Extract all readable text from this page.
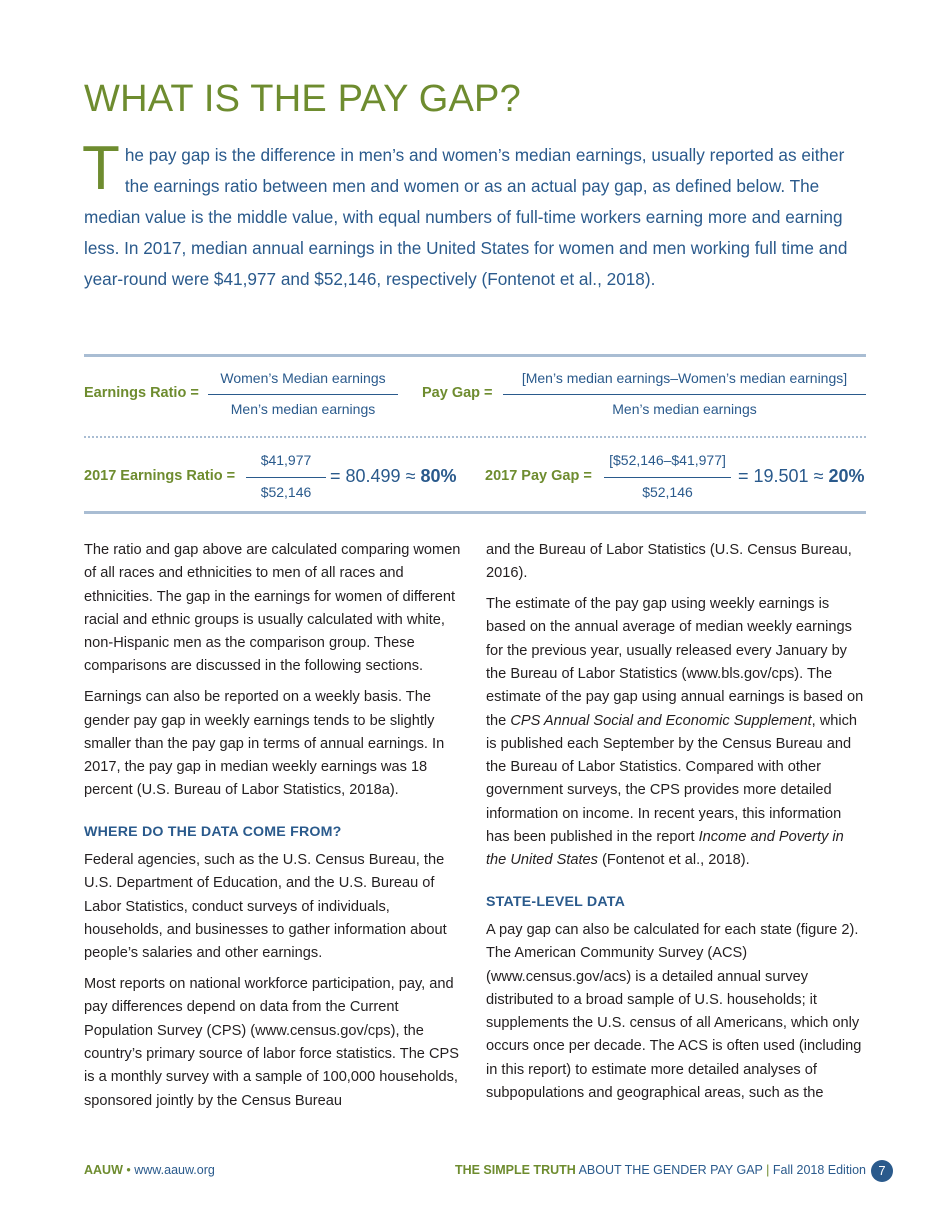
WHAT IS THE PAY GAP?
The pay gap is the difference in men’s and women’s median earnings, usually reported as either the earnings ratio between men and women or as an actual pay gap, as defined below. The median value is the middle value, with equal numbers of full-time workers earning more and earning less. In 2017, median annual earnings in the United States for women and men working full time and year-round were $41,977 and $52,146, respectively (Fontenot et al., 2018).
Earnings Ratio =
Women’s Median earnings
Men’s median earnings
Pay Gap =
[Men’s median earnings–Women’s median earnings]
Men’s median earnings
2017 Earnings Ratio =
$41,977
$52,146
= 80.499 ≈ 80% 2017 Pay Gap =
[$52,146–$41,977]
$52,146
= 19.501 ≈ 20%

The ratio and gap above are calculated comparing women of all races and ethnicities to men of all races and ethnicities. The gap in the earnings for women of different racial and ethnic groups is usually calculated with white, non-Hispanic men as the comparison group. These comparisons are discussed in the following sections.

Earnings can also be reported on a weekly basis. The gender pay gap in weekly earnings tends to be slightly smaller than the pay gap in terms of annual earnings. In 2017, the pay gap in median weekly earnings was 18 percent (U.S. Bureau of Labor Statistics, 2018a).

WHERE DO THE DATA COME FROM?

Federal agencies, such as the U.S. Census Bureau, the U.S. Department of Education, and the U.S. Bureau of Labor Statistics, conduct surveys of individuals, households, and businesses to gather information about people’s salaries and other earnings.

Most reports on national workforce participation, pay, and pay differences depend on data from the Current Population Survey (CPS) (www.census.gov/cps), the country’s primary source of labor force statistics. The CPS is a monthly survey with a sample of 100,000 households, sponsored jointly by the Census Bureau

and the Bureau of Labor Statistics (U.S. Census Bureau, 2016).

The estimate of the pay gap using weekly earnings is based on the annual average of median weekly earnings for the previous year, usually released every January by the Bureau of Labor Statistics (www.bls.gov/cps). The estimate of the pay gap using annual earnings is based on the CPS Annual Social and Economic Supplement, which is published each September by the Census Bureau and the Bureau of Labor Statistics. Compared with other government surveys, the CPS provides more detailed information on income. In recent years, this information has been published in the report Income and Poverty in the United States (Fontenot et al., 2018).

STATE-LEVEL DATA

A pay gap can also be calculated for each state (figure 2). The American Community Survey (ACS) (www.census.gov/acs) is a detailed annual survey distributed to a broad sample of U.S. households; it supplements the U.S. census of all Americans, which only occurs once per decade. The ACS is often used (including in this report) to estimate more detailed analyses of subpopulations and geographical areas, such as the

AAUW • www.aauw.org	THE SIMPLE TRUTH ABOUT THE GENDER PAY GAP | Fall 2018 Edition 7
